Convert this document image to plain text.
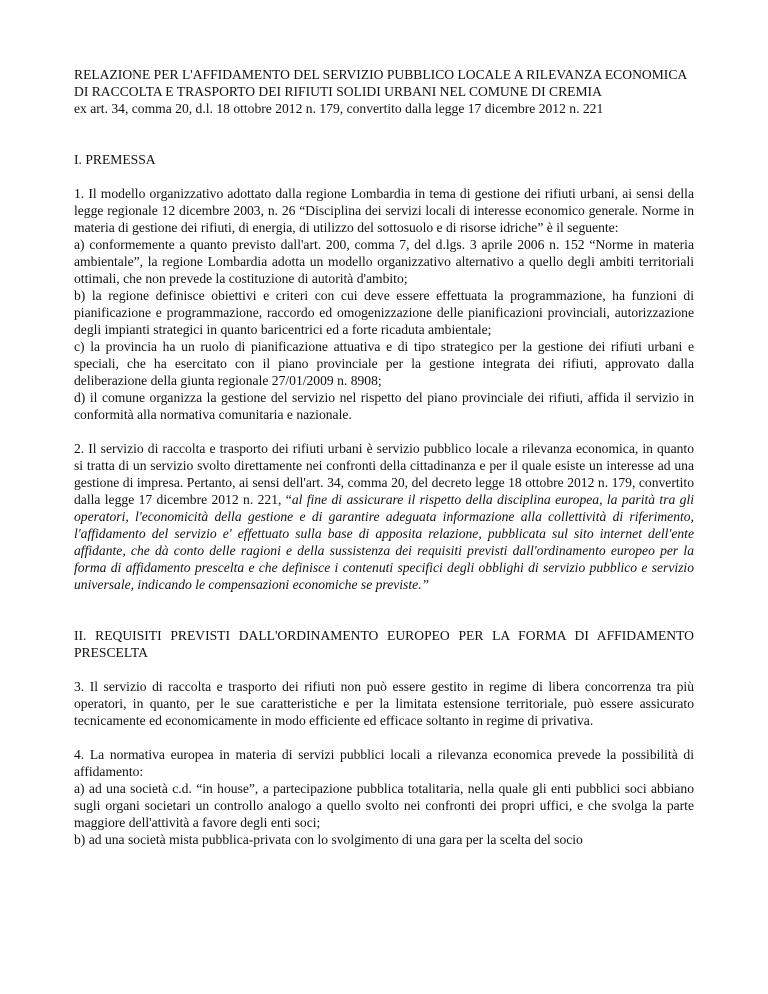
RELAZIONE PER L'AFFIDAMENTO DEL SERVIZIO PUBBLICO LOCALE A RILEVANZA ECONOMICA DI RACCOLTA E TRASPORTO DEI RIFIUTI SOLIDI URBANI NEL COMUNE DI CREMIA

ex art. 34, comma 20, d.l. 18 ottobre 2012 n. 179, convertito dalla legge 17 dicembre 2012 n. 221

I. PREMESSA

1. Il modello organizzativo adottato dalla regione Lombardia in tema di gestione dei rifiuti urbani, ai sensi della legge regionale 12 dicembre 2003, n. 26 “Disciplina dei servizi locali di interesse economico generale. Norme in materia di gestione dei rifiuti, di energia, di utilizzo del sottosuolo e di risorse idriche” è il seguente:
a) conformemente a quanto previsto dall'art. 200, comma 7, del d.lgs. 3 aprile 2006 n. 152 “Norme in materia ambientale”, la regione Lombardia adotta un modello organizzativo alternativo a quello degli ambiti territoriali ottimali, che non prevede la costituzione di autorità d'ambito;
b) la regione definisce obiettivi e criteri con cui deve essere effettuata la programmazione, ha funzioni di pianificazione e programmazione, raccordo ed omogenizzazione delle pianificazioni provinciali, autorizzazione degli impianti strategici in quanto baricentrici ed a forte ricaduta ambientale;
c) la provincia ha un ruolo di pianificazione attuativa e di tipo strategico per la gestione dei rifiuti urbani e speciali, che ha esercitato con il piano provinciale per la gestione integrata dei rifiuti, approvato dalla deliberazione della giunta regionale 27/01/2009 n. 8908;
d) il comune organizza la gestione del servizio nel rispetto del piano provinciale dei rifiuti, affida il servizio in conformità alla normativa comunitaria e nazionale.

2. Il servizio di raccolta e trasporto dei rifiuti urbani è servizio pubblico locale a rilevanza economica, in quanto si tratta di un servizio svolto direttamente nei confronti della cittadinanza e per il quale esiste un interesse ad una gestione di impresa. Pertanto, ai sensi dell'art. 34, comma 20, del decreto legge 18 ottobre 2012 n. 179, convertito dalla legge 17 dicembre 2012 n. 221, “al fine di assicurare il rispetto della disciplina europea, la parità tra gli operatori, l'economicità della gestione e di garantire adeguata informazione alla collettività di riferimento, l'affidamento del servizio e' effettuato sulla base di apposita relazione, pubblicata sul sito internet dell'ente affidante, che dà conto delle ragioni e della sussistenza dei requisiti previsti dall'ordinamento europeo per la forma di affidamento prescelta e che definisce i contenuti specifici degli obblighi di servizio pubblico e servizio universale, indicando le compensazioni economiche se previste.”

II. REQUISITI PREVISTI DALL'ORDINAMENTO EUROPEO PER LA FORMA DI AFFIDAMENTO PRESCELTA

3. Il servizio di raccolta e trasporto dei rifiuti non può essere gestito in regime di libera concorrenza tra più operatori, in quanto, per le sue caratteristiche e per la limitata estensione territoriale, può essere assicurato tecnicamente ed economicamente in modo efficiente ed efficace soltanto in regime di privativa.

4. La normativa europea in materia di servizi pubblici locali a rilevanza economica prevede la possibilità di affidamento:
a) ad una società c.d. “in house”, a partecipazione pubblica totalitaria, nella quale gli enti pubblici soci abbiano sugli organi societari un controllo analogo a quello svolto nei confronti dei propri uffici, e che svolga la parte maggiore dell'attività a favore degli enti soci;
b) ad una società mista pubblica-privata con lo svolgimento di una gara per la scelta del socio
